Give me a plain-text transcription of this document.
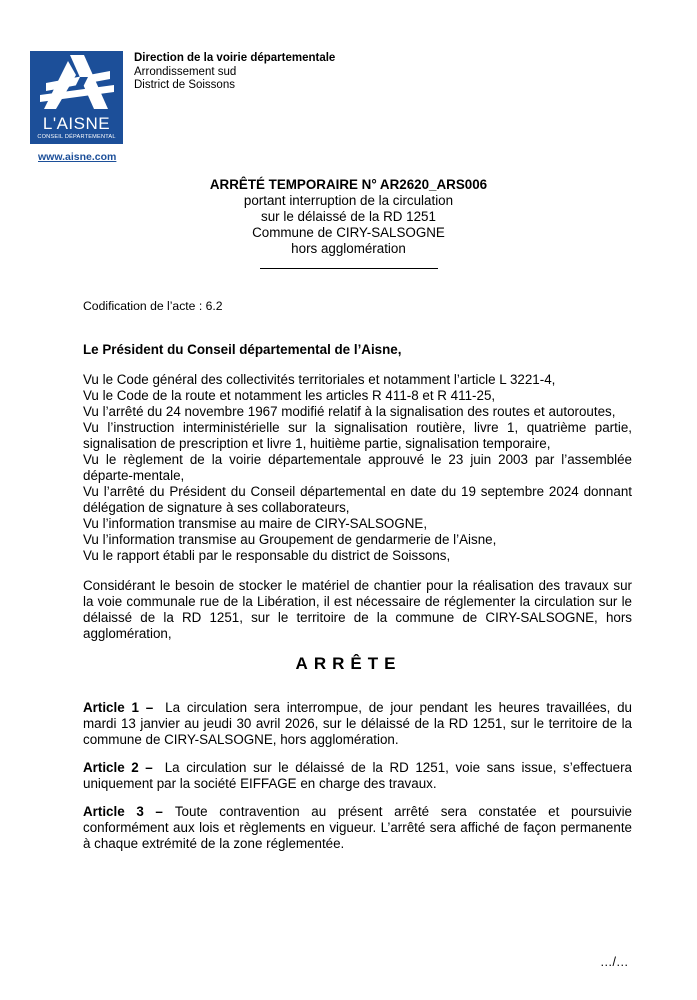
L'AISNE
CONSEIL DÉPARTEMENTAL
www.aisne.com
Direction de la voirie départementale
Arrondissement sud
District de Soissons
ARRÊTÉ TEMPORAIRE N° AR2620_ARS006
portant interruption de la circulation
sur le délaissé de la RD 1251
Commune de CIRY-SALSOGNE
hors agglomération
Codification de l’acte : 6.2
Le Président du Conseil départemental de l’Aisne,
Vu le Code général des collectivités territoriales et notamment l’article L 3221-4,
Vu le Code de la route et notamment les articles R 411-8 et R 411-25,
Vu l’arrêté du 24 novembre 1967 modifié relatif à la signalisation des routes et autoroutes,
Vu l’instruction interministérielle sur la signalisation routière, livre 1, quatrième partie, signalisation de prescription et livre 1, huitième partie, signalisation temporaire,
Vu le règlement de la voirie départementale approuvé le 23 juin 2003 par l’assemblée départe-mentale,
Vu l’arrêté du Président du Conseil départemental en date du 19 septembre 2024 donnant délégation de signature à ses collaborateurs,
Vu l’information transmise au maire de CIRY-SALSOGNE,
Vu l’information transmise au Groupement de gendarmerie de l’Aisne,
Vu le rapport établi par le responsable du district de Soissons,
Considérant le besoin de stocker le matériel de chantier pour la réalisation des travaux sur la voie communale rue de la Libération, il est nécessaire de réglementer la circulation sur le délaissé de la RD 1251, sur le territoire de la commune de CIRY-SALSOGNE, hors agglomération,
ARRÊTE
Article 1 – La circulation sera interrompue, de jour pendant les heures travaillées, du mardi 13 janvier au jeudi 30 avril 2026, sur le délaissé de la RD 1251, sur le territoire de la commune de CIRY-SALSOGNE, hors agglomération.
Article 2 – La circulation sur le délaissé de la RD 1251, voie sans issue, s’effectuera uniquement par la société EIFFAGE en charge des travaux.
Article 3 – Toute contravention au présent arrêté sera constatée et poursuivie conformément aux lois et règlements en vigueur. L’arrêté sera affiché de façon permanente à chaque extrémité de la zone réglementée.
…/…
